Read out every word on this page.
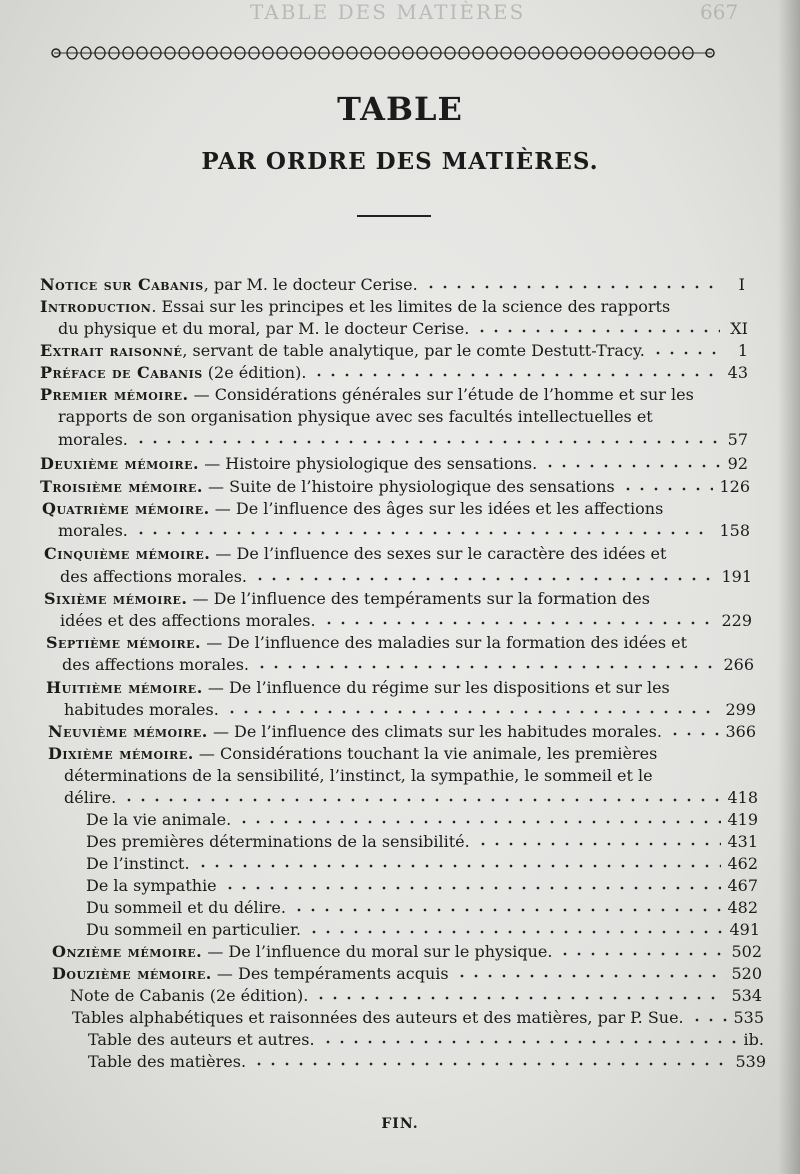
TABLE DES MATIÈRES	667
TABLE
PAR ORDRE DES MATIÈRES.
Notice sur Cabanis, par M. le docteur Cerise.	I
Introduction. Essai sur les principes et les limites de la science des rapports
du physique et du moral, par M. le docteur Cerise.	XI
Extrait raisonné, servant de table analytique, par le comte Destutt-Tracy.	1
Préface de Cabanis (2e édition).	43
Premier mémoire. — Considérations générales sur l’étude de l’homme et sur les
rapports de son organisation physique avec ses facultés intellectuelles et
morales.	57
Deuxième mémoire. — Histoire physiologique des sensations.	92
Troisième mémoire. — Suite de l’histoire physiologique des sensations	126
Quatrième mémoire. — De l’influence des âges sur les idées et les affections
morales.	158
Cinquième mémoire. — De l’influence des sexes sur le caractère des idées et
des affections morales.	191
Sixième mémoire. — De l’influence des tempéraments sur la formation des
idées et des affections morales.	229
Septième mémoire. — De l’influence des maladies sur la formation des idées et
des affections morales.	266
Huitième mémoire. — De l’influence du régime sur les dispositions et sur les
habitudes morales.	299
Neuvième mémoire. — De l’influence des climats sur les habitudes morales.	366
Dixième mémoire. — Considérations touchant la vie animale, les premières
déterminations de la sensibilité, l’instinct, la sympathie, le sommeil et le
délire.	418
De la vie animale.	419
Des premières déterminations de la sensibilité.	431
De l’instinct.	462
De la sympathie	467
Du sommeil et du délire.	482
Du sommeil en particulier.	491
Onzième mémoire. — De l’influence du moral sur le physique.	502
Douzième mémoire. — Des tempéraments acquis	520
Note de Cabanis (2e édition).	534
Tables alphabétiques et raisonnées des auteurs et des matières, par P. Sue.	535
Table des auteurs et autres.	ib.
Table des matières.	539
FIN.
